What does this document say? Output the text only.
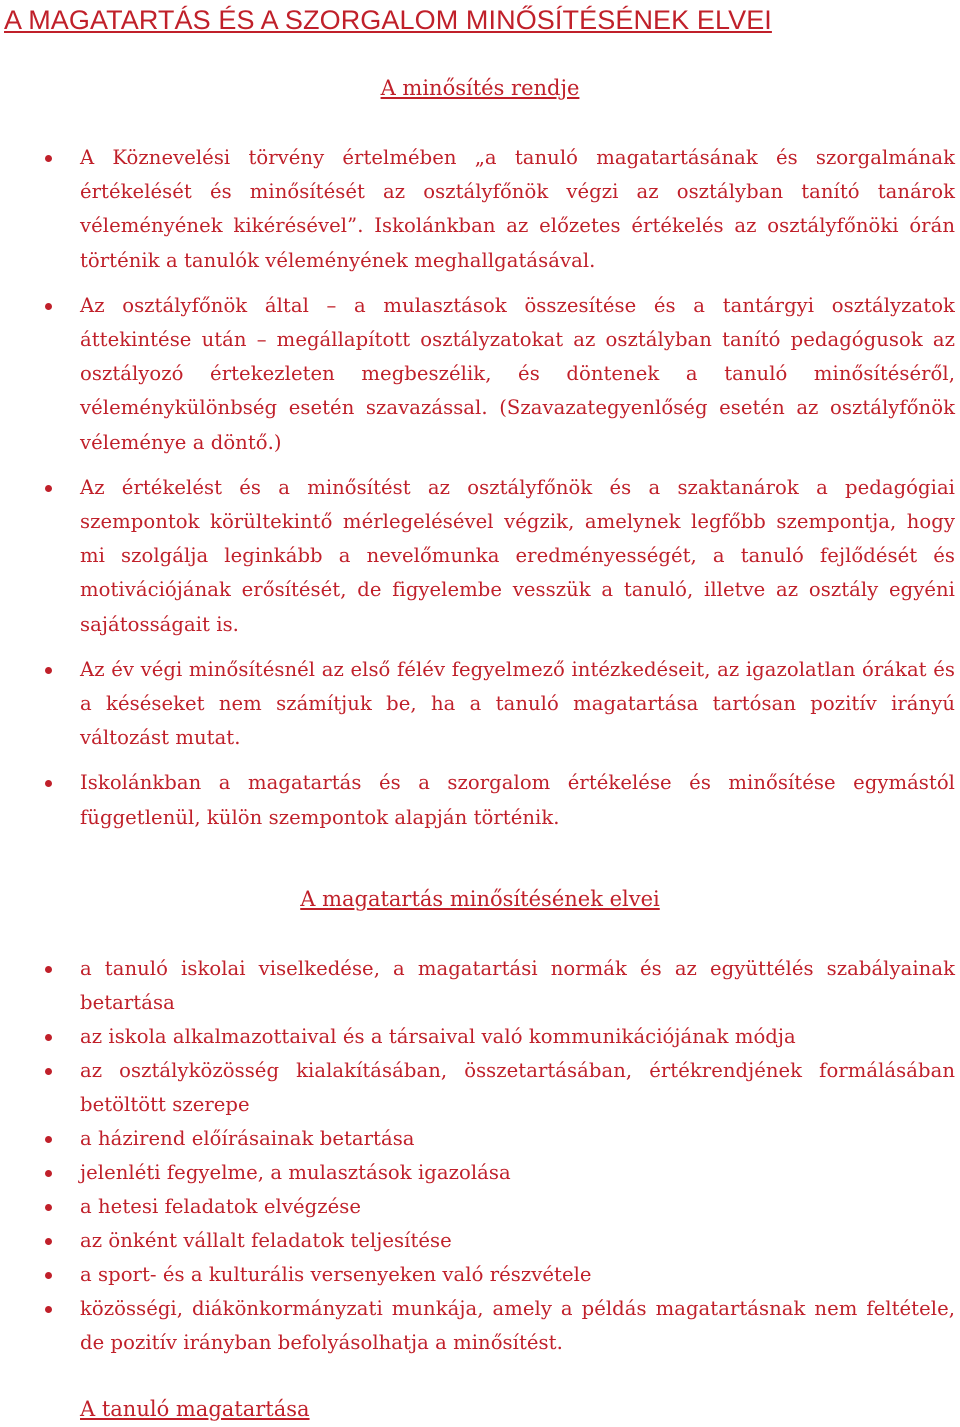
A MAGATARTÁS ÉS A SZORGALOM MINŐSÍTÉSÉNEK ELVEI
A minősítés rendje
A Köznevelési törvény értelmében „a tanuló magatartásának és szorgalmának értékelését és minősítését az osztályfőnök végzi az osztályban tanító tanárok véleményének kikérésével”. Iskolánkban az előzetes értékelés az osztályfőnöki órán történik a tanulók véleményének meghallgatásával.
Az osztályfőnök által – a mulasztások összesítése és a tantárgyi osztályzatok áttekintése után – megállapított osztályzatokat az osztályban tanító pedagógusok az osztályozó értekezleten megbeszélik, és döntenek a tanuló minősítéséről, véleménykülönbség esetén szavazással. (Szavazategyenlőség esetén az osztályfőnök véleménye a döntő.)
Az értékelést és a minősítést az osztályfőnök és a szaktanárok a pedagógiai szempontok körültekintő mérlegelésével végzik, amelynek legfőbb szempontja, hogy mi szolgálja leginkább a nevelőmunka eredményességét, a tanuló fejlődését és motivációjának erősítését, de figyelembe vesszük a tanuló, illetve az osztály egyéni sajátosságait is.
Az év végi minősítésnél az első félév fegyelmező intézkedéseit, az igazolatlan órákat és a késéseket nem számítjuk be, ha a tanuló magatartása tartósan pozitív irányú változást mutat.
Iskolánkban a magatartás és a szorgalom értékelése és minősítése egymástól függetlenül, külön szempontok alapján történik.
A magatartás minősítésének elvei
a tanuló iskolai viselkedése, a magatartási normák és az együttélés szabályainak betartása
az iskola alkalmazottaival és a társaival való kommunikációjának módja
az osztályközösség kialakításában, összetartásában, értékrendjének formálásában betöltött szerepe
a házirend előírásainak betartása
jelenléti fegyelme, a mulasztások igazolása
a hetesi feladatok elvégzése
az önként vállalt feladatok teljesítése
a sport- és a kulturális versenyeken való részvétele
közösségi, diákönkormányzati munkája, amely a példás magatartásnak nem feltétele, de pozitív irányban befolyásolhatja a minősítést.
A tanuló magatartása
